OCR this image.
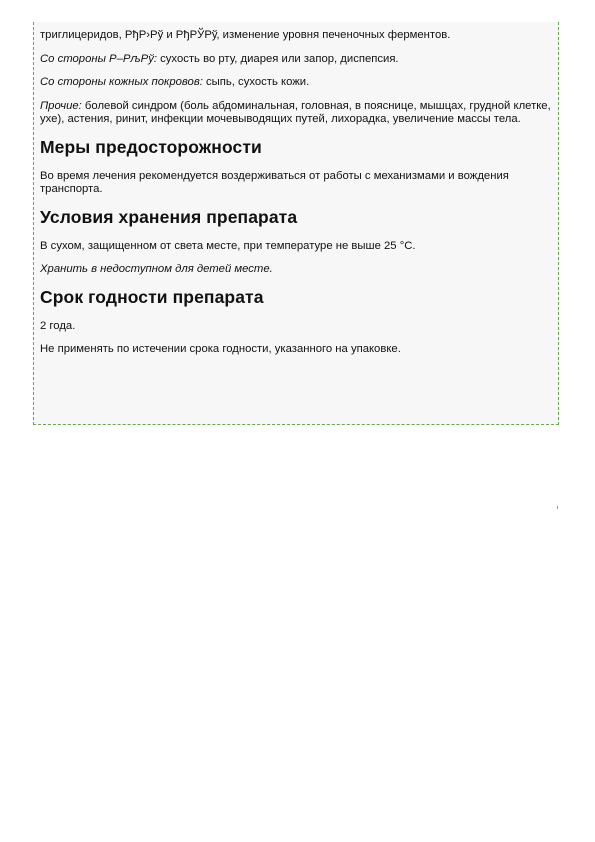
триглицеридов, РђР›Рў и РђРЎРў, изменение уровня печеночных ферментов.

Со стороны Р–РљРў: сухость во рту, диарея или запор, диспепсия.

Со стороны кожных покровов: сыпь, сухость кожи.

Прочие: болевой синдром (боль абдоминальная, головная, в пояснице, мышцах, грудной клетке, ухе), астения, ринит, инфекции мочевыводящих путей, лихорадка, увеличение массы тела.

Меры предосторожности

Во время лечения рекомендуется воздерживаться от работы с механизмами и вождения транспорта.

Условия хранения препарата

В сухом, защищенном от света месте, при температуре не выше 25 °C.

Хранить в недоступном для детей месте.

Срок годности препарата

2 года.

Не применять по истечении срока годности, указанного на упаковке.
